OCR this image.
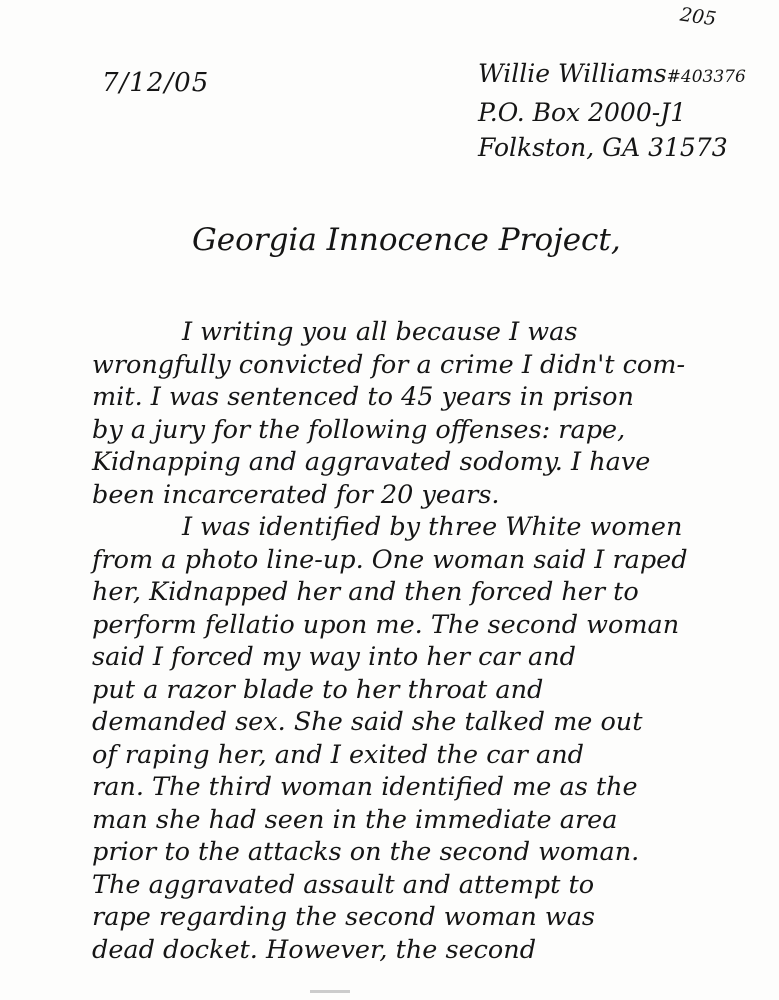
205
7/12/05	Willie Williams#403376
P.O. Box 2000-J1
Folkston, GA 31573
Georgia Innocence Project,
I writing you all because I was
wrongfully convicted for a crime I didn't com-
mit. I was sentenced to 45 years in prison
by a jury for the following offenses: rape,
Kidnapping and aggravated sodomy. I have
been incarcerated for 20 years.
I was identified by three White women
from a photo line-up. One woman said I raped
her, Kidnapped her and then forced her to
perform fellatio upon me. The second woman
said I forced my way into her car and
put a razor blade to her throat and
demanded sex. She said she talked me out
of raping her, and I exited the car and
ran. The third woman identified me as the
man she had seen in the immediate area
prior to the attacks on the second woman.
The aggravated assault and attempt to
rape regarding the second woman was
dead docket. However, the second
